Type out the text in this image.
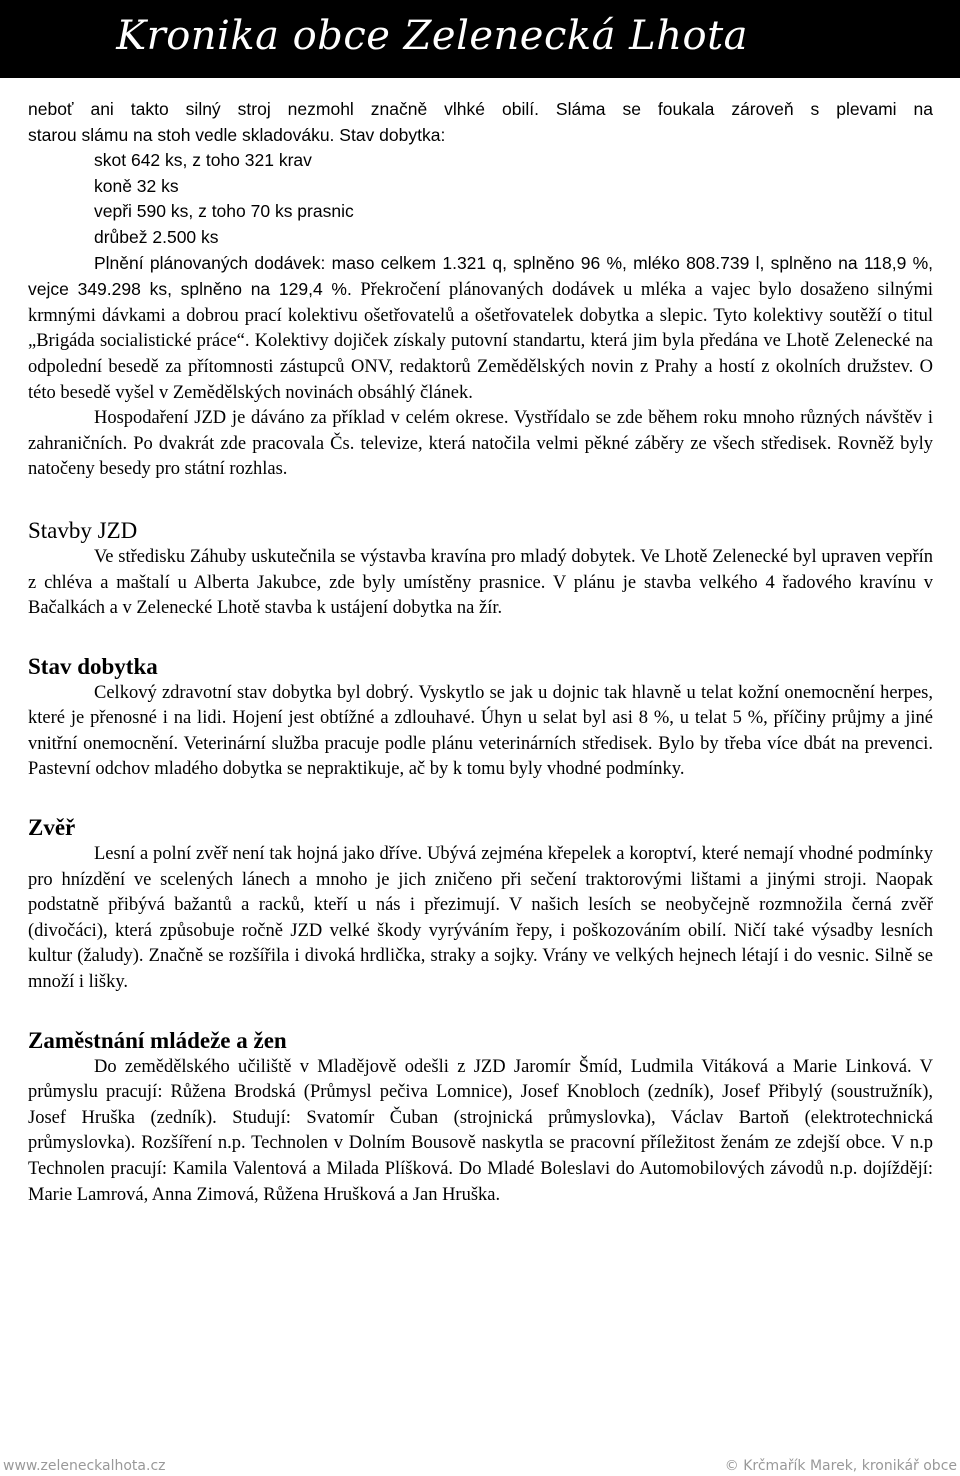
Kronika obce Zelenecká Lhota
neboť ani takto silný stroj nezmohl značně vlhké obilí. Sláma se foukala zároveň s plevami na
starou slámu na stoh vedle skladováku. Stav dobytka:
skot 642 ks, z toho 321 krav
koně 32 ks
vepři 590 ks, z toho 70 ks prasnic
drůbež 2.500 ks

Plnění plánovaných dodávek: maso celkem 1.321 q, splněno 96 %, mléko 808.739 l, splněno na 118,9 %, vejce 349.298 ks, splněno na 129,4 %. Překročení plánovaných dodávek u mléka a vajec bylo dosaženo silnými krmnými dávkami a dobrou prací kolektivu ošetřovatelů a ošetřovatelek dobytka a slepic. Tyto kolektivy soutěží o titul „Brigáda socialistické práce“. Kolektivy dojiček získaly putovní standartu, která jim byla předána ve Lhotě Zelenecké na odpolední besedě za přítomnosti zástupců ONV, redaktorů Zemědělských novin z Prahy a hostí z okolních družstev. O této besedě vyšel v Zemědělských novinách obsáhlý článek.

Hospodaření JZD je dáváno za příklad v celém okrese. Vystřídalo se zde během roku mnoho různých návštěv i zahraničních. Po dvakrát zde pracovala Čs. televize, která natočila velmi pěkné záběry ze všech středisek. Rovněž byly natočeny besedy pro státní rozhlas.

Stavby JZD

Ve středisku Záhuby uskutečnila se výstavba kravína pro mladý dobytek. Ve Lhotě Zelenecké byl upraven vepřín z chléva a maštalí u Alberta Jakubce, zde byly umístěny prasnice. V plánu je stavba velkého 4 řadového kravínu v Bačalkách a v Zelenecké Lhotě stavba k ustájení dobytka na žír.

Stav dobytka

Celkový zdravotní stav dobytka byl dobrý. Vyskytlo se jak u dojnic tak hlavně u telat kožní onemocnění herpes, které je přenosné i na lidi. Hojení jest obtížné a zdlouhavé. Úhyn u selat byl asi 8 %, u telat 5 %, příčiny průjmy a jiné vnitřní onemocnění. Veterinární služba pracuje podle plánu veterinárních středisek. Bylo by třeba více dbát na prevenci. Pastevní odchov mladého dobytka se nepraktikuje, ač by k tomu byly vhodné podmínky.

Zvěř

Lesní a polní zvěř není tak hojná jako dříve. Ubývá zejména křepelek a koroptví, které nemají vhodné podmínky pro hnízdění ve scelených lánech a mnoho je jich zničeno při sečení traktorovými lištami a jinými stroji. Naopak podstatně přibývá bažantů a racků, kteří u nás i přezimují. V našich lesích se neobyčejně rozmnožila černá zvěř (divočáci), která způsobuje ročně JZD velké škody vyrýváním řepy, i poškozováním obilí. Ničí také výsadby lesních kultur (žaludy). Značně se rozšířila i divoká hrdlička, straky a sojky. Vrány ve velkých hejnech létají i do vesnic. Silně se množí i lišky.

Zaměstnání mládeže a žen

Do zemědělského učiliště v Mladějově odešli z JZD Jaromír Šmíd, Ludmila Vitáková a Marie Linková. V průmyslu pracují: Růžena Brodská (Průmysl pečiva Lomnice), Josef Knobloch (zedník), Josef Přibylý (soustružník), Josef Hruška (zedník). Studují: Svatomír Čuban (strojnická průmyslovka), Václav Bartoň (elektrotechnická průmyslovka). Rozšíření n.p. Technolen v Dolním Bousově naskytla se pracovní příležitost ženám ze zdejší obce. V n.p Technolen pracují: Kamila Valentová a Milada Plíšková. Do Mladé Boleslavi do Automobilových závodů n.p. dojíždějí: Marie Lamrová, Anna Zimová, Růžena Hrušková a Jan Hruška.

www.zeleneckalhota.cz	© Krčmařík Marek, kronikář obce
